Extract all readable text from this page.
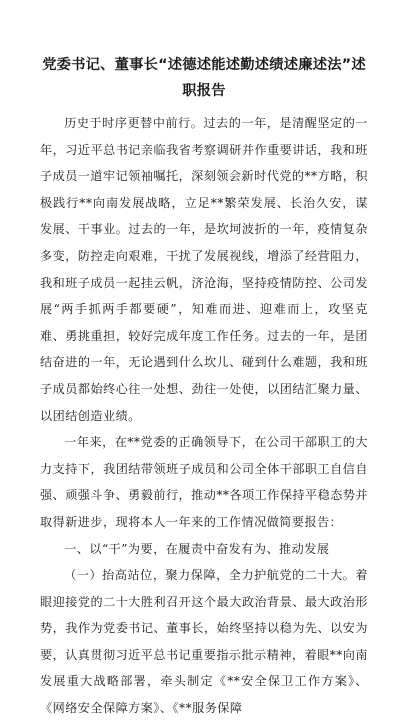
党委书记、董事长“述德述能述勤述绩述廉述法”述职报告

历史于时序更替中前行。过去的一年，是清醒坚定的一年，习近平总书记亲临我省考察调研并作重要讲话，我和班子成员一道牢记领袖嘱托，深刻领会新时代党的**方略，积极践行**向南发展战略，立足**繁荣发展、长治久安，谋发展、干事业。过去的一年，是坎坷波折的一年，疫情复杂多变，防控走向艰难，干扰了发展视线，增添了经营阻力，我和班子成员一起挂云帆，济沧海，坚持疫情防控、公司发展“两手抓两手都要硬”，知难而进、迎难而上，攻坚克难、勇挑重担，较好完成年度工作任务。过去的一年，是团结奋进的一年，无论遇到什么坎儿、碰到什么难题，我和班子成员都始终心往一处想、劲往一处使，以团结汇聚力量、以团结创造业绩。

一年来，在**党委的正确领导下，在公司干部职工的大力支持下，我团结带领班子成员和公司全体干部职工自信自强、顽强斗争、勇毅前行，推动**各项工作保持平稳态势并取得新进步，现将本人一年来的工作情况做简要报告：

一、以“干”为要，在履责中奋发有为、推动发展

（一）抬高站位，聚力保障，全力护航党的二十大。着眼迎接党的二十大胜利召开这个最大政治背景、最大政治形势，我作为党委书记、董事长，始终坚持以稳为先、以安为要，认真贯彻习近平总书记重要指示批示精神，着眼**向南发展重大战略部署，牵头制定《**安全保卫工作方案》、《网络安全保障方案》、《**服务保障
